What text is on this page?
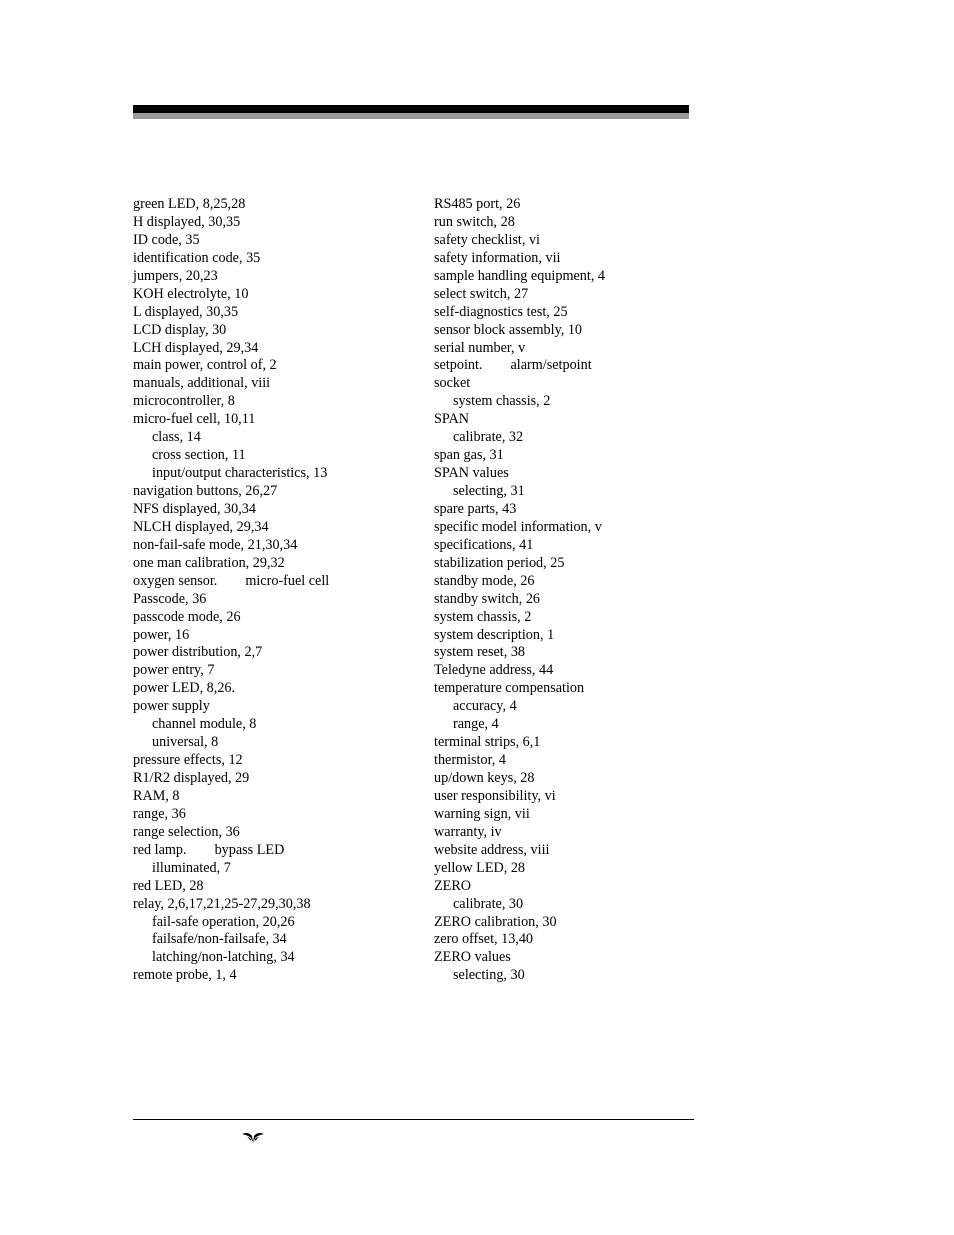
green LED, 8,25,28
H displayed, 30,35
ID code, 35
identification code, 35
jumpers, 20,23
KOH electrolyte, 10
L displayed, 30,35
LCD display, 30
LCH displayed, 29,34
main power, control of, 2
manuals, additional, viii
microcontroller, 8
micro-fuel cell, 10,11
class, 14
cross section, 11
input/output characteristics, 13
navigation buttons, 26,27
NFS displayed, 30,34
NLCH displayed, 29,34
non-fail-safe mode, 21,30,34
one man calibration, 29,32
oxygen sensor. micro-fuel cell
Passcode, 36
passcode mode, 26
power, 16
power distribution, 2,7
power entry, 7
power LED, 8,26.
power supply
channel module, 8
universal, 8
pressure effects, 12
R1/R2 displayed, 29
RAM, 8
range, 36
range selection, 36
red lamp. bypass LED
illuminated, 7
red LED, 28
relay, 2,6,17,21,25-27,29,30,38
fail-safe operation, 20,26
failsafe/non-failsafe, 34
latching/non-latching, 34
remote probe, 1, 4
RS485 port, 26
run switch, 28
safety checklist, vi
safety information, vii
sample handling equipment, 4
select switch, 27
self-diagnostics test, 25
sensor block assembly, 10
serial number, v
setpoint. alarm/setpoint
socket
system chassis, 2
SPAN
calibrate, 32
span gas, 31
SPAN values
selecting, 31
spare parts, 43
specific model information, v
specifications, 41
stabilization period, 25
standby mode, 26
standby switch, 26
system chassis, 2
system description, 1
system reset, 38
Teledyne address, 44
temperature compensation
accuracy, 4
range, 4
terminal strips, 6,1
thermistor, 4
up/down keys, 28
user responsibility, vi
warning sign, vii
warranty, iv
website address, viii
yellow LED, 28
ZERO
calibrate, 30
ZERO calibration, 30
zero offset, 13,40
ZERO values
selecting, 30
